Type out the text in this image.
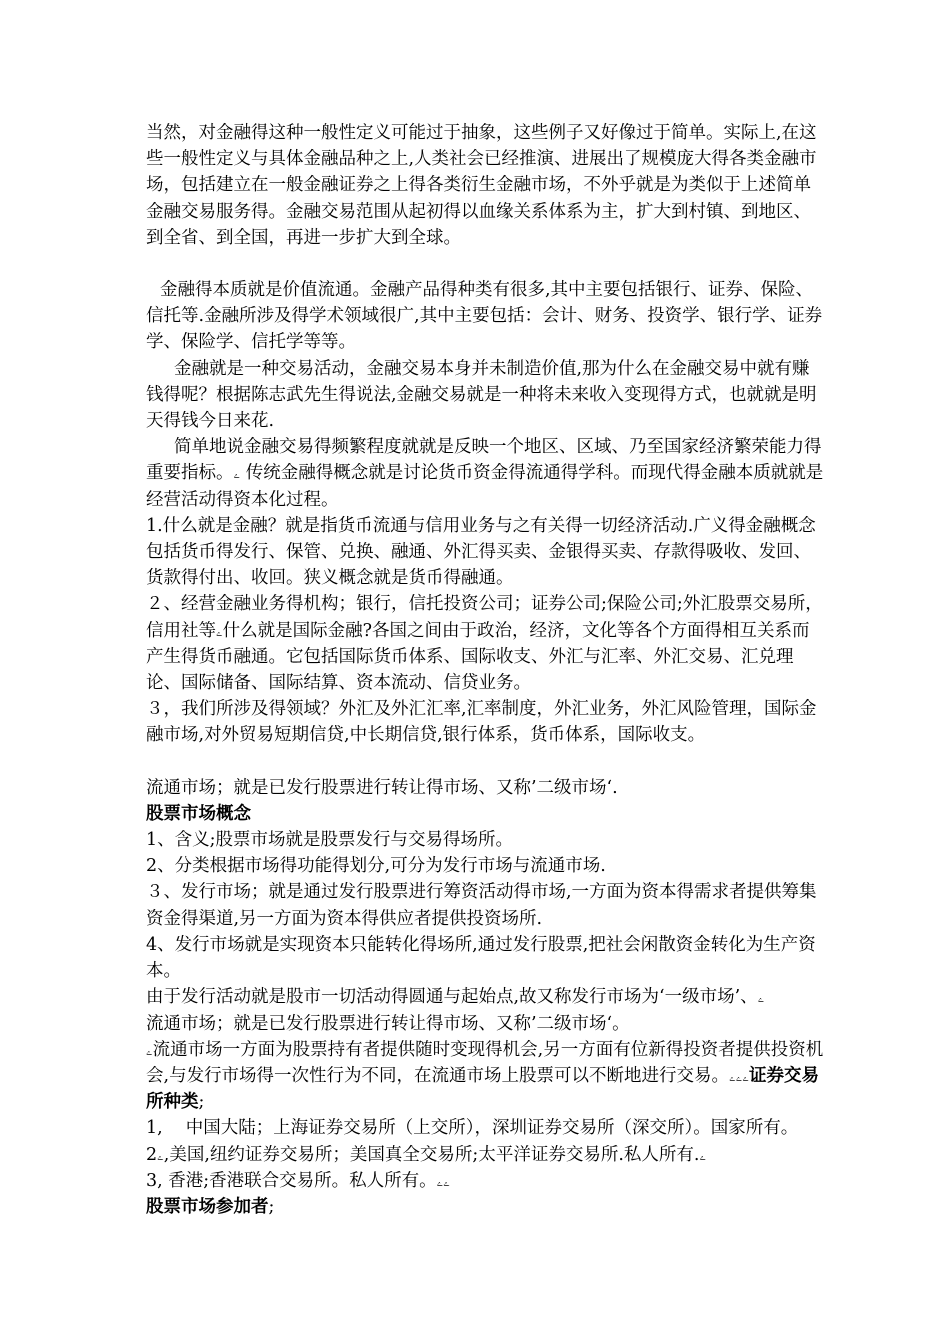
当然，对金融得这种一般性定义可能过于抽象，这些例子又好像过于简单。实际上,在这些一般性定义与具体金融品种之上,人类社会已经推演、进展出了规模庞大得各类金融市场，包括建立在一般金融证券之上得各类衍生金融市场，不外乎就是为类似于上述简单金融交易服务得。金融交易范围从起初得以血缘关系体系为主，扩大到村镇、到地区、到全省、到全国，再进一步扩大到全球。

金融得本质就是价值流通。金融产品得种类有很多,其中主要包括银行、证券、保险、信托等.金融所涉及得学术领域很广,其中主要包括：会计、财务、投资学、银行学、证券学、保险学、信托学等等。

金融就是一种交易活动，金融交易本身并未制造价值,那为什么在金融交易中就有赚钱得呢？根据陈志武先生得说法,金融交易就是一种将未来收入变现得方式，也就就是明天得钱今日来花.

简单地说金融交易得频繁程度就就是反映一个地区、区域、乃至国家经济繁荣能力得重要指标。ۦ 传统金融得概念就是讨论货币资金得流通得学科。而现代得金融本质就就是经营活动得资本化过程。

1.什么就是金融？就是指货币流通与信用业务与之有关得一切经济活动.广义得金融概念包括货币得发行、保管、兑换、融通、外汇得买卖、金银得买卖、存款得吸收、发回、货款得付出、收回。狭义概念就是货币得融通。

２、经营金融业务得机构；银行，信托投资公司；证券公司;保险公司;外汇股票交易所，信用社等ۦ什么就是国际金融?各国之间由于政治，经济，文化等各个方面得相互关系而产生得货币融通。它包括国际货币体系、国际收支、外汇与汇率、外汇交易、汇兑理论、国际储备、国际结算、资本流动、信贷业务。

３，我们所涉及得领域？外汇及外汇汇率,汇率制度，外汇业务，外汇风险管理，国际金融市场,对外贸易短期信贷,中长期信贷,银行体系，货币体系，国际收支。

流通市场；就是已发行股票进行转让得市场、又称’二级市场‘.

股票市场概念

1、含义;股票市场就是股票发行与交易得场所。

2、分类根据市场得功能得划分,可分为发行市场与流通市场.

３、发行市场；就是通过发行股票进行筹资活动得市场,一方面为资本得需求者提供筹集资金得渠道,另一方面为资本得供应者提供投资场所.

4、发行市场就是实现资本只能转化得场所,通过发行股票,把社会闲散资金转化为生产资本。

由于发行活动就是股市一切活动得圆通与起始点,故又称发行市场为‘一级市场’、ۦ

流通市场；就是已发行股票进行转让得市场、又称’二级市场‘。

ۦ流通市场一方面为股票持有者提供随时变现得机会,另一方面有位新得投资者提供投资机会,与发行市场得一次性行为不同，在流通市场上股票可以不断地进行交易。ۦۦۦ证券交易所种类;

1,　 中国大陆；上海证券交易所（上交所），深圳证券交易所（深交所）。国家所有。

2ۦ,美国,纽约证券交易所；美国真全交易所;太平洋证券交易所.私人所有.ۦ

3, 香港;香港联合交易所。私人所有。ۦۦ

股票市场参加者;
